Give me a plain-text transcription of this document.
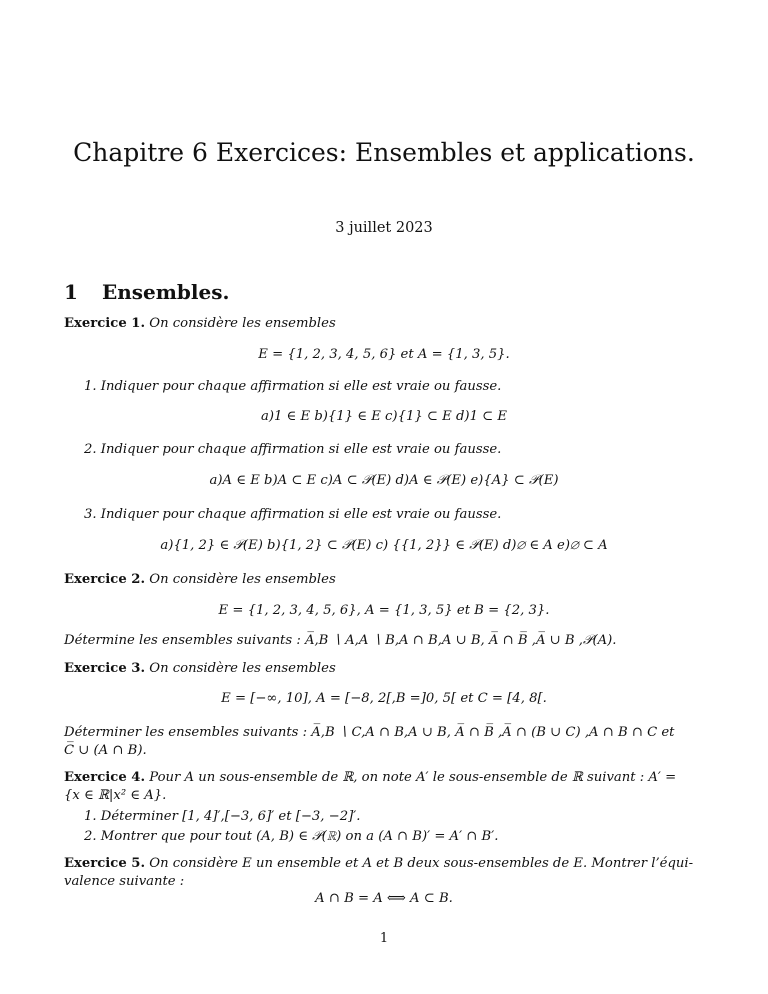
Chapitre 6 Exercices: Ensembles et applications.
3 juillet 2023
1 Ensembles.
Exercice 1. On considère les ensembles
E = {1, 2, 3, 4, 5, 6} et A = {1, 3, 5}.
1. Indiquer pour chaque affirmation si elle est vraie ou fausse.
a)1 ∈ E b){1} ∈ E c){1} ⊂ E d)1 ⊂ E
2. Indiquer pour chaque affirmation si elle est vraie ou fausse.
a)A ∈ E b)A ⊂ E c)A ⊂ 𝒫(E) d)A ∈ 𝒫(E) e){A} ⊂ 𝒫(E)
3. Indiquer pour chaque affirmation si elle est vraie ou fausse.
a){1, 2} ∈ 𝒫(E) b){1, 2} ⊂ 𝒫(E) c) {{1, 2}} ∈ 𝒫(E) d)∅ ∈ A e)∅ ⊂ A
Exercice 2. On considère les ensembles
E = {1, 2, 3, 4, 5, 6}, A = {1, 3, 5} et B = {2, 3}.
Détermine les ensembles suivants : A̅,B ∖ A,A ∖ B,A ∩ B,A ∪ B, A̅ ∩ B̅ ,A̅ ∪ B ,𝒫(A).
Exercice 3. On considère les ensembles
E = [−∞, 10], A = [−8, 2[,B =]0, 5[ et C = [4, 8[.
Déterminer les ensembles suivants : A̅,B ∖ C,A ∩ B,A ∪ B, A̅ ∩ B̅ ,A̅ ∩ (B ∪ C) ,A ∩ B ∩ C et
C̅ ∪ (A ∩ B).
Exercice 4. Pour A un sous-ensemble de ℝ, on note A′ le sous-ensemble de ℝ suivant : A′ =
{x ∈ ℝ|x² ∈ A}.
1. Déterminer [1, 4]′,[−3, 6]′ et [−3, −2]′.
2. Montrer que pour tout (A, B) ∈ 𝒫(ℝ) on a (A ∩ B)′ = A′ ∩ B′.
Exercice 5. On considère E un ensemble et A et B deux sous-ensembles de E. Montrer l’équi-
valence suivante :
A ∩ B = A ⟺ A ⊂ B.
1
